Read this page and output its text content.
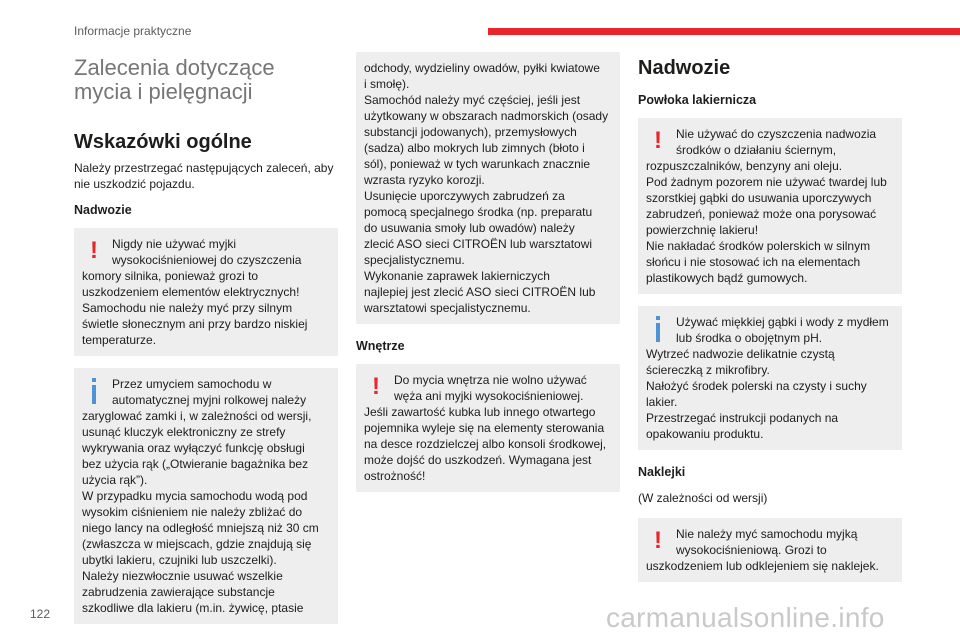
Informacje praktyczne
Zalecenia dotyczące
mycia i pielęgnacji
Wskazówki ogólne

Należy przestrzegać następujących zaleceń, aby
nie uszkodzić pojazdu.

Nadwozie
!	Nigdy nie używać myjki
wysokociśnieniowej do czyszczenia
komory silnika, ponieważ grozi to
uszkodzeniem elementów elektrycznych!
Samochodu nie należy myć przy silnym
świetle słonecznym ani przy bardzo niskiej
temperaturze.
Przez umyciem samochodu w
automatycznej myjni rolkowej należy
zaryglować zamki i, w zależności od wersji,
usunąć kluczyk elektroniczny ze strefy
wykrywania oraz wyłączyć funkcję obsługi
bez użycia rąk („Otwieranie bagażnika bez
użycia rąk”).
W przypadku mycia samochodu wodą pod
wysokim ciśnieniem nie należy zbliżać do
niego lancy na odległość mniejszą niż 30 cm
(zwłaszcza w miejscach, gdzie znajdują się
ubytki lakieru, czujniki lub uszczelki).
Należy niezwłocznie usuwać wszelkie
zabrudzenia zawierające substancje
szkodliwe dla lakieru (m.in. żywicę, ptasie
odchody, wydzieliny owadów, pyłki kwiatowe
i smołę).
Samochód należy myć częściej, jeśli jest
użytkowany w obszarach nadmorskich (osady
substancji jodowanych), przemysłowych
(sadza) albo mokrych lub zimnych (błoto i
sól), ponieważ w tych warunkach znacznie
wzrasta ryzyko korozji.
Usunięcie uporczywych zabrudzeń za
pomocą specjalnego środka (np. preparatu
do usuwania smoły lub owadów) należy
zlecić ASO sieci CITROËN lub warsztatowi
specjalistycznemu.
Wykonanie zaprawek lakierniczych
najlepiej jest zlecić ASO sieci CITROËN lub
warsztatowi specjalistycznemu.
Wnętrze
!	Do mycia wnętrza nie wolno używać
węża ani myjki wysokociśnieniowej.
Jeśli zawartość kubka lub innego otwartego
pojemnika wyleje się na elementy sterowania
na desce rozdzielczej albo konsoli środkowej,
może dojść do uszkodzeń. Wymagana jest
ostrożność!
Nadwozie
Powłoka lakiernicza
!	Nie używać do czyszczenia nadwozia
środków o działaniu ściernym,
rozpuszczalników, benzyny ani oleju.
Pod żadnym pozorem nie używać twardej lub
szorstkiej gąbki do usuwania uporczywych
zabrudzeń, ponieważ może ona porysować
powierzchnię lakieru!
Nie nakładać środków polerskich w silnym
słońcu i nie stosować ich na elementach
plastikowych bądź gumowych.
Używać miękkiej gąbki i wody z mydłem
lub środka o obojętnym pH.
Wytrzeć nadwozie delikatnie czystą
ściereczką z mikrofibry.
Nałożyć środek polerski na czysty i suchy
lakier.
Przestrzegać instrukcji podanych na
opakowaniu produktu.
Naklejki
(W zależności od wersji)
!	Nie należy myć samochodu myjką
wysokociśnieniową. Grozi to
uszkodzeniem lub odklejeniem się naklejek.
122	carmanualsonline.info
